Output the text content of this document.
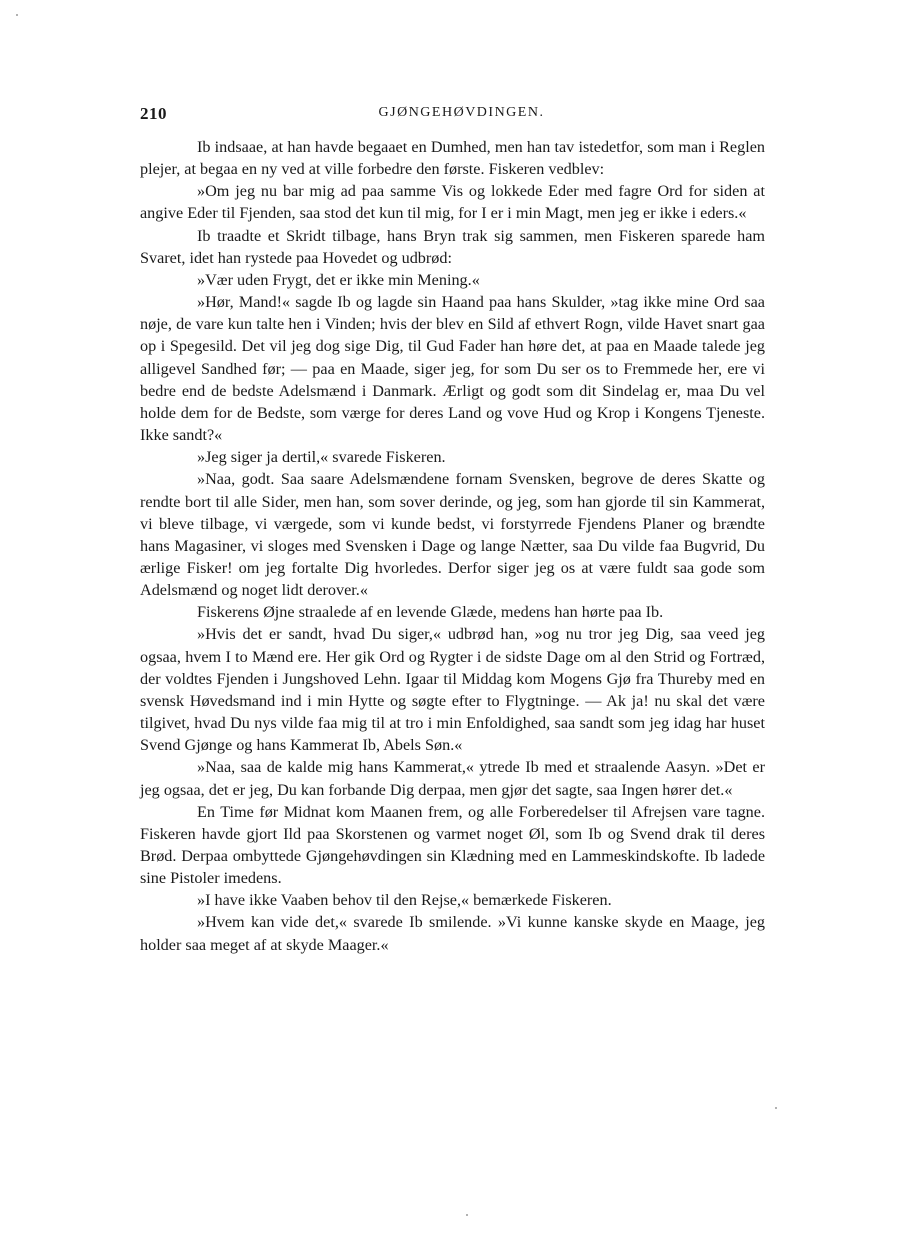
210	GJØNGEHØVDINGEN.

Ib indsaae, at han havde begaaet en Dumhed, men han tav istedetfor, som man i Reglen plejer, at begaa en ny ved at ville forbedre den første. Fiskeren vedblev:

»Om jeg nu bar mig ad paa samme Vis og lokkede Eder med fagre Ord for siden at angive Eder til Fjenden, saa stod det kun til mig, for I er i min Magt, men jeg er ikke i eders.«

Ib traadte et Skridt tilbage, hans Bryn trak sig sammen, men Fiskeren sparede ham Svaret, idet han rystede paa Hovedet og udbrød:

»Vær uden Frygt, det er ikke min Mening.«

»Hør, Mand!« sagde Ib og lagde sin Haand paa hans Skulder, »tag ikke mine Ord saa nøje, de vare kun talte hen i Vinden; hvis der blev en Sild af ethvert Rogn, vilde Havet snart gaa op i Spegesild. Det vil jeg dog sige Dig, til Gud Fader han høre det, at paa en Maade talede jeg alligevel Sandhed før; — paa en Maade, siger jeg, for som Du ser os to Fremmede her, ere vi bedre end de bedste Adelsmænd i Danmark. Ærligt og godt som dit Sindelag er, maa Du vel holde dem for de Bedste, som værge for deres Land og vove Hud og Krop i Kongens Tjeneste. Ikke sandt?«

»Jeg siger ja dertil,« svarede Fiskeren.

»Naa, godt. Saa saare Adelsmændene fornam Svensken, begrove de deres Skatte og rendte bort til alle Sider, men han, som sover derinde, og jeg, som han gjorde til sin Kammerat, vi bleve tilbage, vi værgede, som vi kunde bedst, vi forstyrrede Fjendens Planer og brændte hans Magasiner, vi sloges med Svensken i Dage og lange Nætter, saa Du vilde faa Bugvrid, Du ærlige Fisker! om jeg fortalte Dig hvorledes. Derfor siger jeg os at være fuldt saa gode som Adelsmænd og noget lidt derover.«

Fiskerens Øjne straalede af en levende Glæde, medens han hørte paa Ib.

»Hvis det er sandt, hvad Du siger,« udbrød han, »og nu tror jeg Dig, saa veed jeg ogsaa, hvem I to Mænd ere. Her gik Ord og Rygter i de sidste Dage om al den Strid og Fortræd, der voldtes Fjenden i Jungshoved Lehn. Igaar til Middag kom Mogens Gjø fra Thureby med en svensk Høvedsmand ind i min Hytte og søgte efter to Flygtninge. — Ak ja! nu skal det være tilgivet, hvad Du nys vilde faa mig til at tro i min Enfoldighed, saa sandt som jeg idag har huset Svend Gjønge og hans Kammerat Ib, Abels Søn.«

»Naa, saa de kalde mig hans Kammerat,« ytrede Ib med et straalende Aasyn. »Det er jeg ogsaa, det er jeg, Du kan forbande Dig derpaa, men gjør det sagte, saa Ingen hører det.«

En Time før Midnat kom Maanen frem, og alle Forberedelser til Afrejsen vare tagne. Fiskeren havde gjort Ild paa Skorstenen og varmet noget Øl, som Ib og Svend drak til deres Brød. Derpaa ombyttede Gjøngehøvdingen sin Klædning med en Lammeskindskofte. Ib ladede sine Pistoler imedens.

»I have ikke Vaaben behov til den Rejse,« bemærkede Fiskeren.

»Hvem kan vide det,« svarede Ib smilende. »Vi kunne kanske skyde en Maage, jeg holder saa meget af at skyde Maager.«
